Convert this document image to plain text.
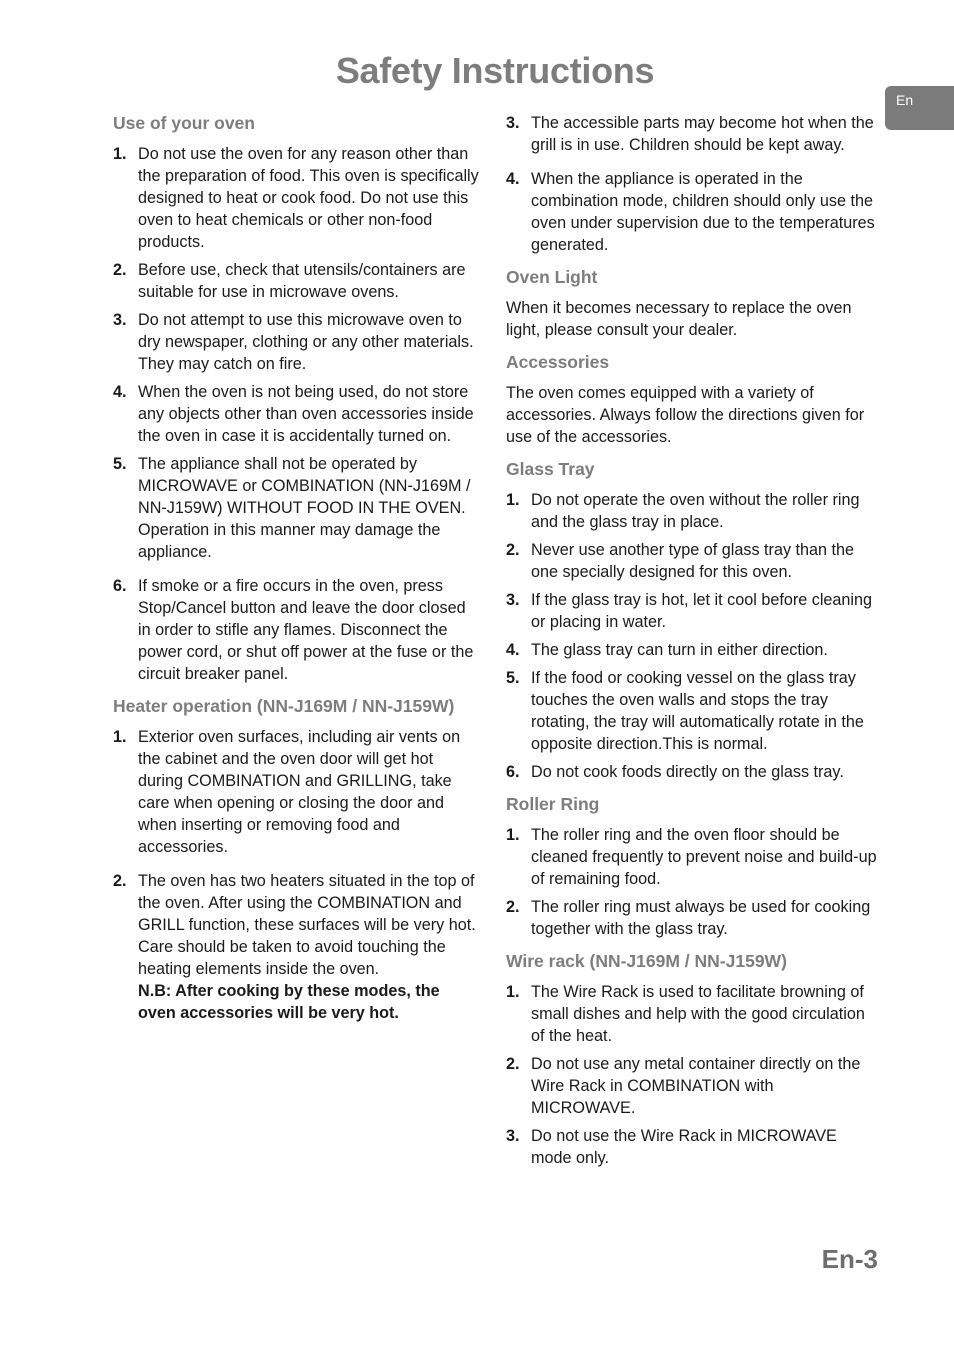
Safety Instructions
En
Use of your oven
1. Do not use the oven for any reason other than the preparation of food. This oven is specifically designed to heat or cook food. Do not use this oven to heat chemicals or other non-food products.
2. Before use, check that utensils/containers are suitable for use in microwave ovens.
3. Do not attempt to use this microwave oven to dry newspaper, clothing or any other materials. They may catch on fire.
4. When the oven is not being used, do not store any objects other than oven accessories inside the oven in case it is accidentally turned on.
5. The appliance shall not be operated by MICROWAVE or COMBINATION (NN-J169M / NN-J159W) WITHOUT FOOD IN THE OVEN. Operation in this manner may damage the appliance.
6. If smoke or a fire occurs in the oven, press Stop/Cancel button and leave the door closed in order to stifle any flames. Disconnect the power cord, or shut off power at the fuse or the circuit breaker panel.
Heater operation (NN-J169M / NN-J159W)
1. Exterior oven surfaces, including air vents on the cabinet and the oven door will get hot during COMBINATION and GRILLING, take care when opening or closing the door and when inserting or removing food and accessories.
2. The oven has two heaters situated in the top of the oven. After using the COMBINATION and GRILL function, these surfaces will be very hot. Care should be taken to avoid touching the heating elements inside the oven.
N.B: After cooking by these modes, the oven accessories will be very hot.
3. The accessible parts may become hot when the grill is in use. Children should be kept away.
4. When the appliance is operated in the combination mode, children should only use the oven under supervision due to the temperatures generated.
Oven Light

When it becomes necessary to replace the oven light, please consult your dealer.

Accessories

The oven comes equipped with a variety of accessories. Always follow the directions given for use of the accessories.

Glass Tray
1. Do not operate the oven without the roller ring and the glass tray in place.
2. Never use another type of glass tray than the one specially designed for this oven.
3. If the glass tray is hot, let it cool before cleaning or placing in water.
4. The glass tray can turn in either direction.
5. If the food or cooking vessel on the glass tray touches the oven walls and stops the tray rotating, the tray will automatically rotate in the opposite direction.This is normal.
6. Do not cook foods directly on the glass tray.
Roller Ring
1. The roller ring and the oven floor should be cleaned frequently to prevent noise and build-up of remaining food.
2. The roller ring must always be used for cooking together with the glass tray.
Wire rack (NN-J169M / NN-J159W)
1. The Wire Rack is used to facilitate browning of small dishes and help with the good circulation of the heat.
2. Do not use any metal container directly on the Wire Rack in COMBINATION with MICROWAVE.
3. Do not use the Wire Rack in MICROWAVE mode only.
En-3
